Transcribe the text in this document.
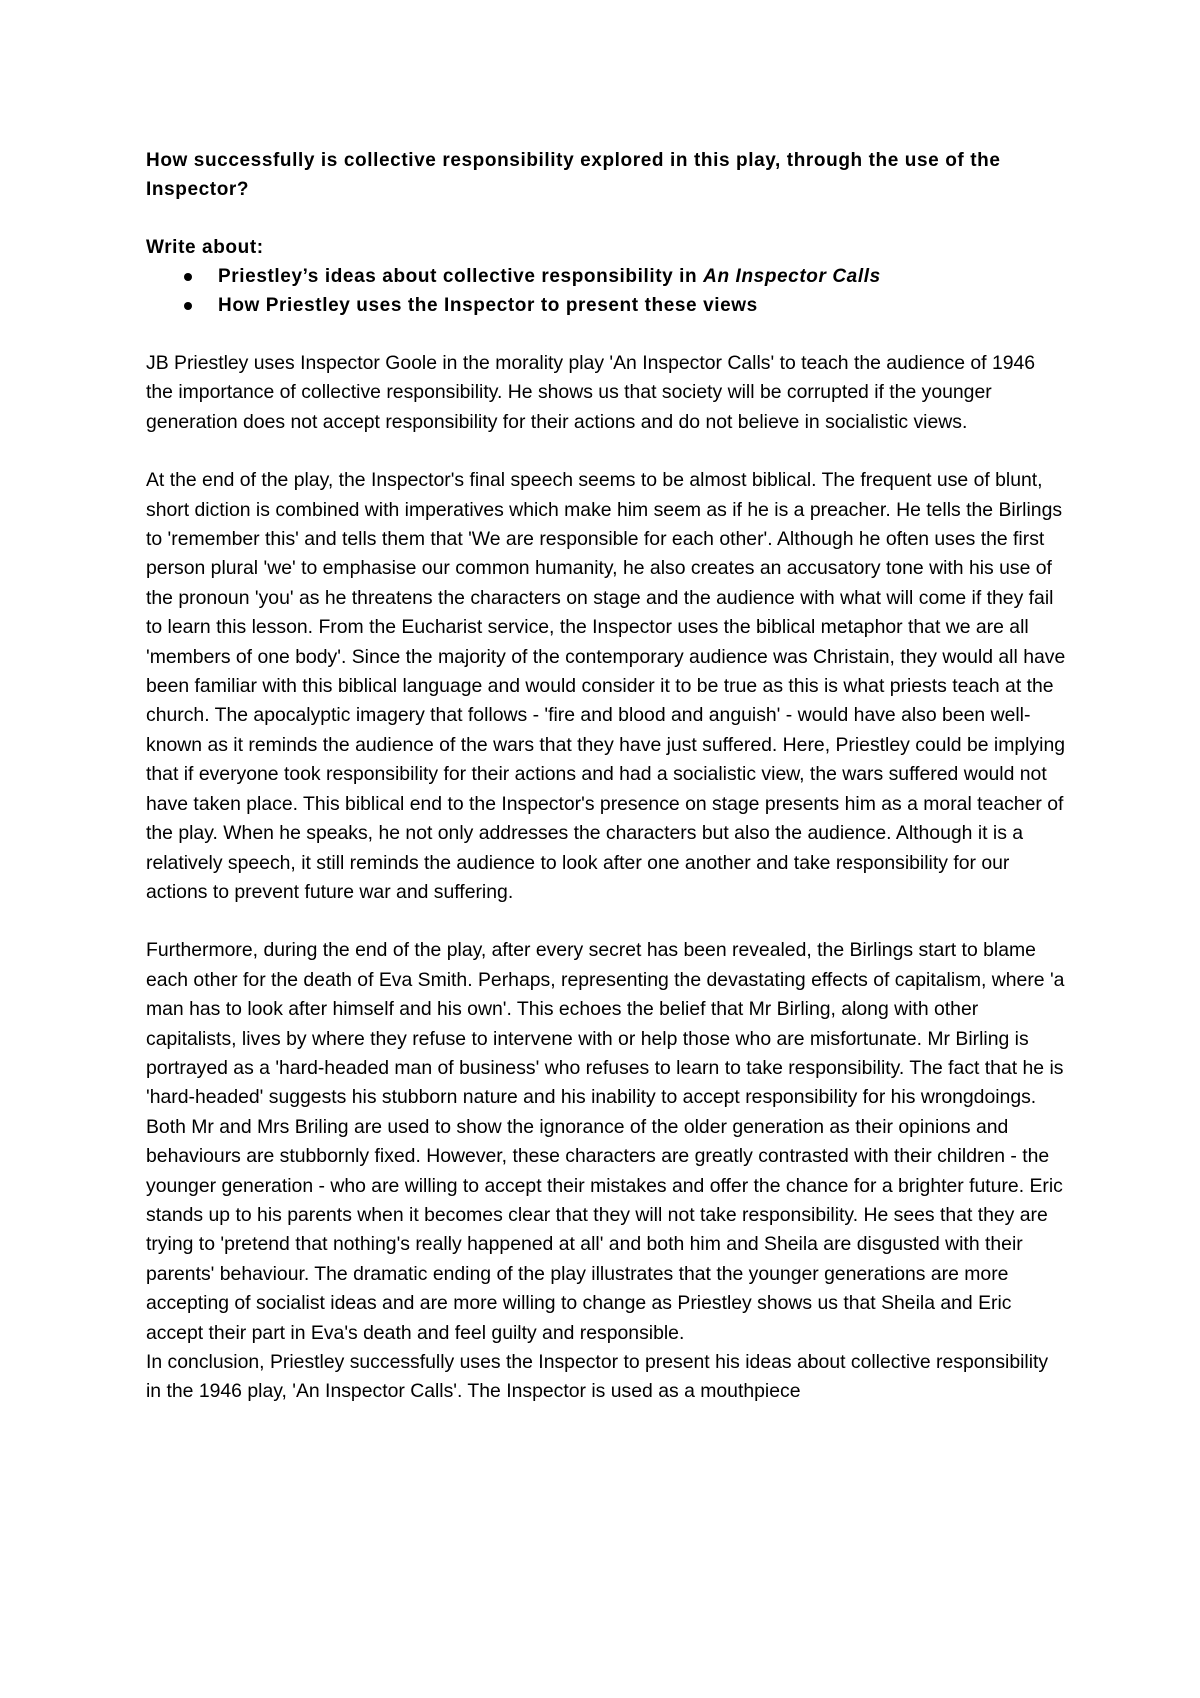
How successfully is collective responsibility explored in this play, through the use of the Inspector?

Write about:

Priestley’s ideas about collective responsibility in An Inspector Calls
How Priestley uses the Inspector to present these views

JB Priestley uses Inspector Goole in the morality play 'An Inspector Calls' to teach the audience of 1946 the importance of collective responsibility. He shows us that society will be corrupted if the younger generation does not accept responsibility for their actions and do not believe in socialistic views.

At the end of the play, the Inspector's final speech seems to be almost biblical. The frequent use of blunt, short diction is combined with imperatives which make him seem as if he is a preacher. He tells the Birlings to 'remember this' and tells them that 'We are responsible for each other'. Although he often uses the first person plural 'we' to emphasise our common humanity, he also creates an accusatory tone with his use of the pronoun 'you' as he threatens the characters on stage and the audience with what will come if they fail to learn this lesson. From the Eucharist service, the Inspector uses the biblical metaphor that we are all 'members of one body'. Since the majority of the contemporary audience was Christain, they would all have been familiar with this biblical language and would consider it to be true as this is what priests teach at the church. The apocalyptic imagery that follows - 'fire and blood and anguish' - would have also been well-known as it reminds the audience of the wars that they have just suffered. Here, Priestley could be implying that if everyone took responsibility for their actions and had a socialistic view, the wars suffered would not have taken place. This biblical end to the Inspector's presence on stage presents him as a moral teacher of the play. When he speaks, he not only addresses the characters but also the audience. Although it is a relatively speech, it still reminds the audience to look after one another and take responsibility for our actions to prevent future war and suffering.

Furthermore, during the end of the play, after every secret has been revealed, the Birlings start to blame each other for the death of Eva Smith. Perhaps, representing the devastating effects of capitalism, where 'a man has to look after himself and his own'. This echoes the belief that Mr Birling, along with other capitalists, lives by where they refuse to intervene with or help those who are misfortunate. Mr Birling is portrayed as a 'hard-headed man of business' who refuses to learn to take responsibility. The fact that he is 'hard-headed' suggests his stubborn nature and his inability to accept responsibility for his wrongdoings. Both Mr and Mrs Briling are used to show the ignorance of the older generation as their opinions and behaviours are stubbornly fixed. However, these characters are greatly contrasted with their children - the younger generation - who are willing to accept their mistakes and offer the chance for a brighter future. Eric stands up to his parents when it becomes clear that they will not take responsibility. He sees that they are trying to 'pretend that nothing's really happened at all' and both him and Sheila are disgusted with their parents' behaviour. The dramatic ending of the play illustrates that the younger generations are more accepting of socialist ideas and are more willing to change as Priestley shows us that Sheila and Eric accept their part in Eva's death and feel guilty and responsible.

In conclusion, Priestley successfully uses the Inspector to present his ideas about collective responsibility in the 1946 play, 'An Inspector Calls'. The Inspector is used as a mouthpiece
